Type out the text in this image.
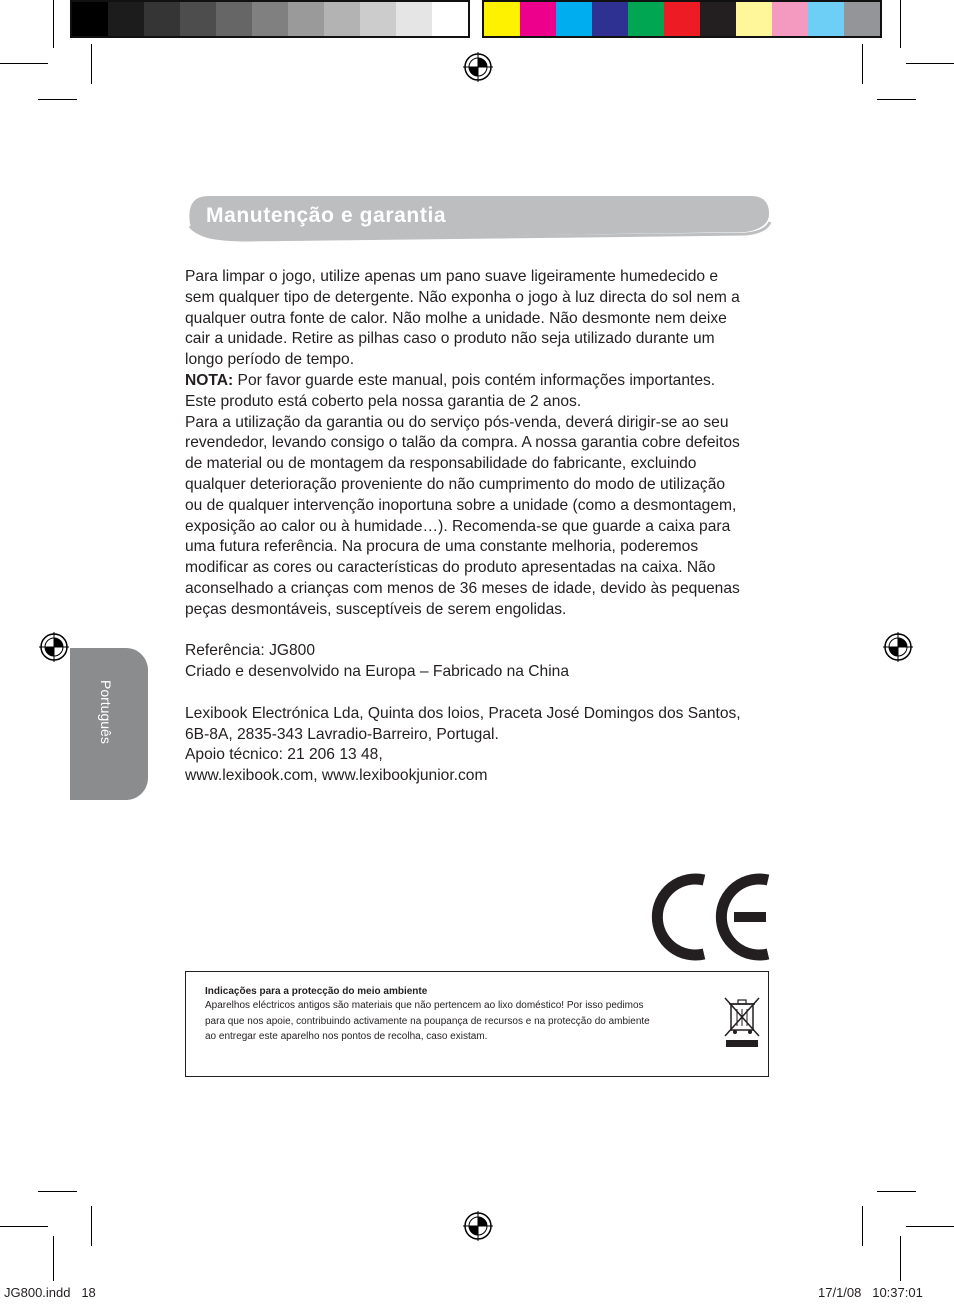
Manutenção e garantia
Português

Para limpar o jogo, utilize apenas um pano suave ligeiramente humedecido e

sem qualquer tipo de detergente. Não exponha o jogo à luz directa do sol nem a

qualquer outra fonte de calor. Não molhe a unidade. Não desmonte nem deixe

cair a unidade. Retire as pilhas caso o produto não seja utilizado durante um

longo período de tempo.

NOTA: Por favor guarde este manual, pois contém informações importantes.

Este produto está coberto pela nossa garantia de 2 anos.

Para a utilização da garantia ou do serviço pós-venda, deverá dirigir-se ao seu

revendedor, levando consigo o talão da compra. A nossa garantia cobre defeitos

de material ou de montagem da responsabilidade do fabricante, excluindo

qualquer deterioração proveniente do não cumprimento do modo de utilização

ou de qualquer intervenção inoportuna sobre a unidade (como a desmontagem,

exposição ao calor ou à humidade…). Recomenda-se que guarde a caixa para

uma futura referência. Na procura de uma constante melhoria, poderemos

modificar as cores ou características do produto apresentadas na caixa. Não

aconselhado a crianças com menos de 36 meses de idade, devido às pequenas

peças desmontáveis, susceptíveis de serem engolidas.

Referência: JG800

Criado e desenvolvido na Europa – Fabricado na China

Lexibook Electrónica Lda, Quinta dos loios, Praceta José Domingos dos Santos,

6B-8A, 2835-343 Lavradio-Barreiro, Portugal.

Apoio técnico: 21 206 13 48,

www.lexibook.com, www.lexibookjunior.com

Indicações para a protecção do meio ambiente
Aparelhos eléctricos antigos são materiais que não pertencem ao lixo doméstico! Por isso pedimos
para que nos apoie, contribuindo activamente na poupança de recursos e na protecção do ambiente
ao entregar este aparelho nos pontos de recolha, caso existam.
JG800.indd   18	17/1/08   10:37:01
